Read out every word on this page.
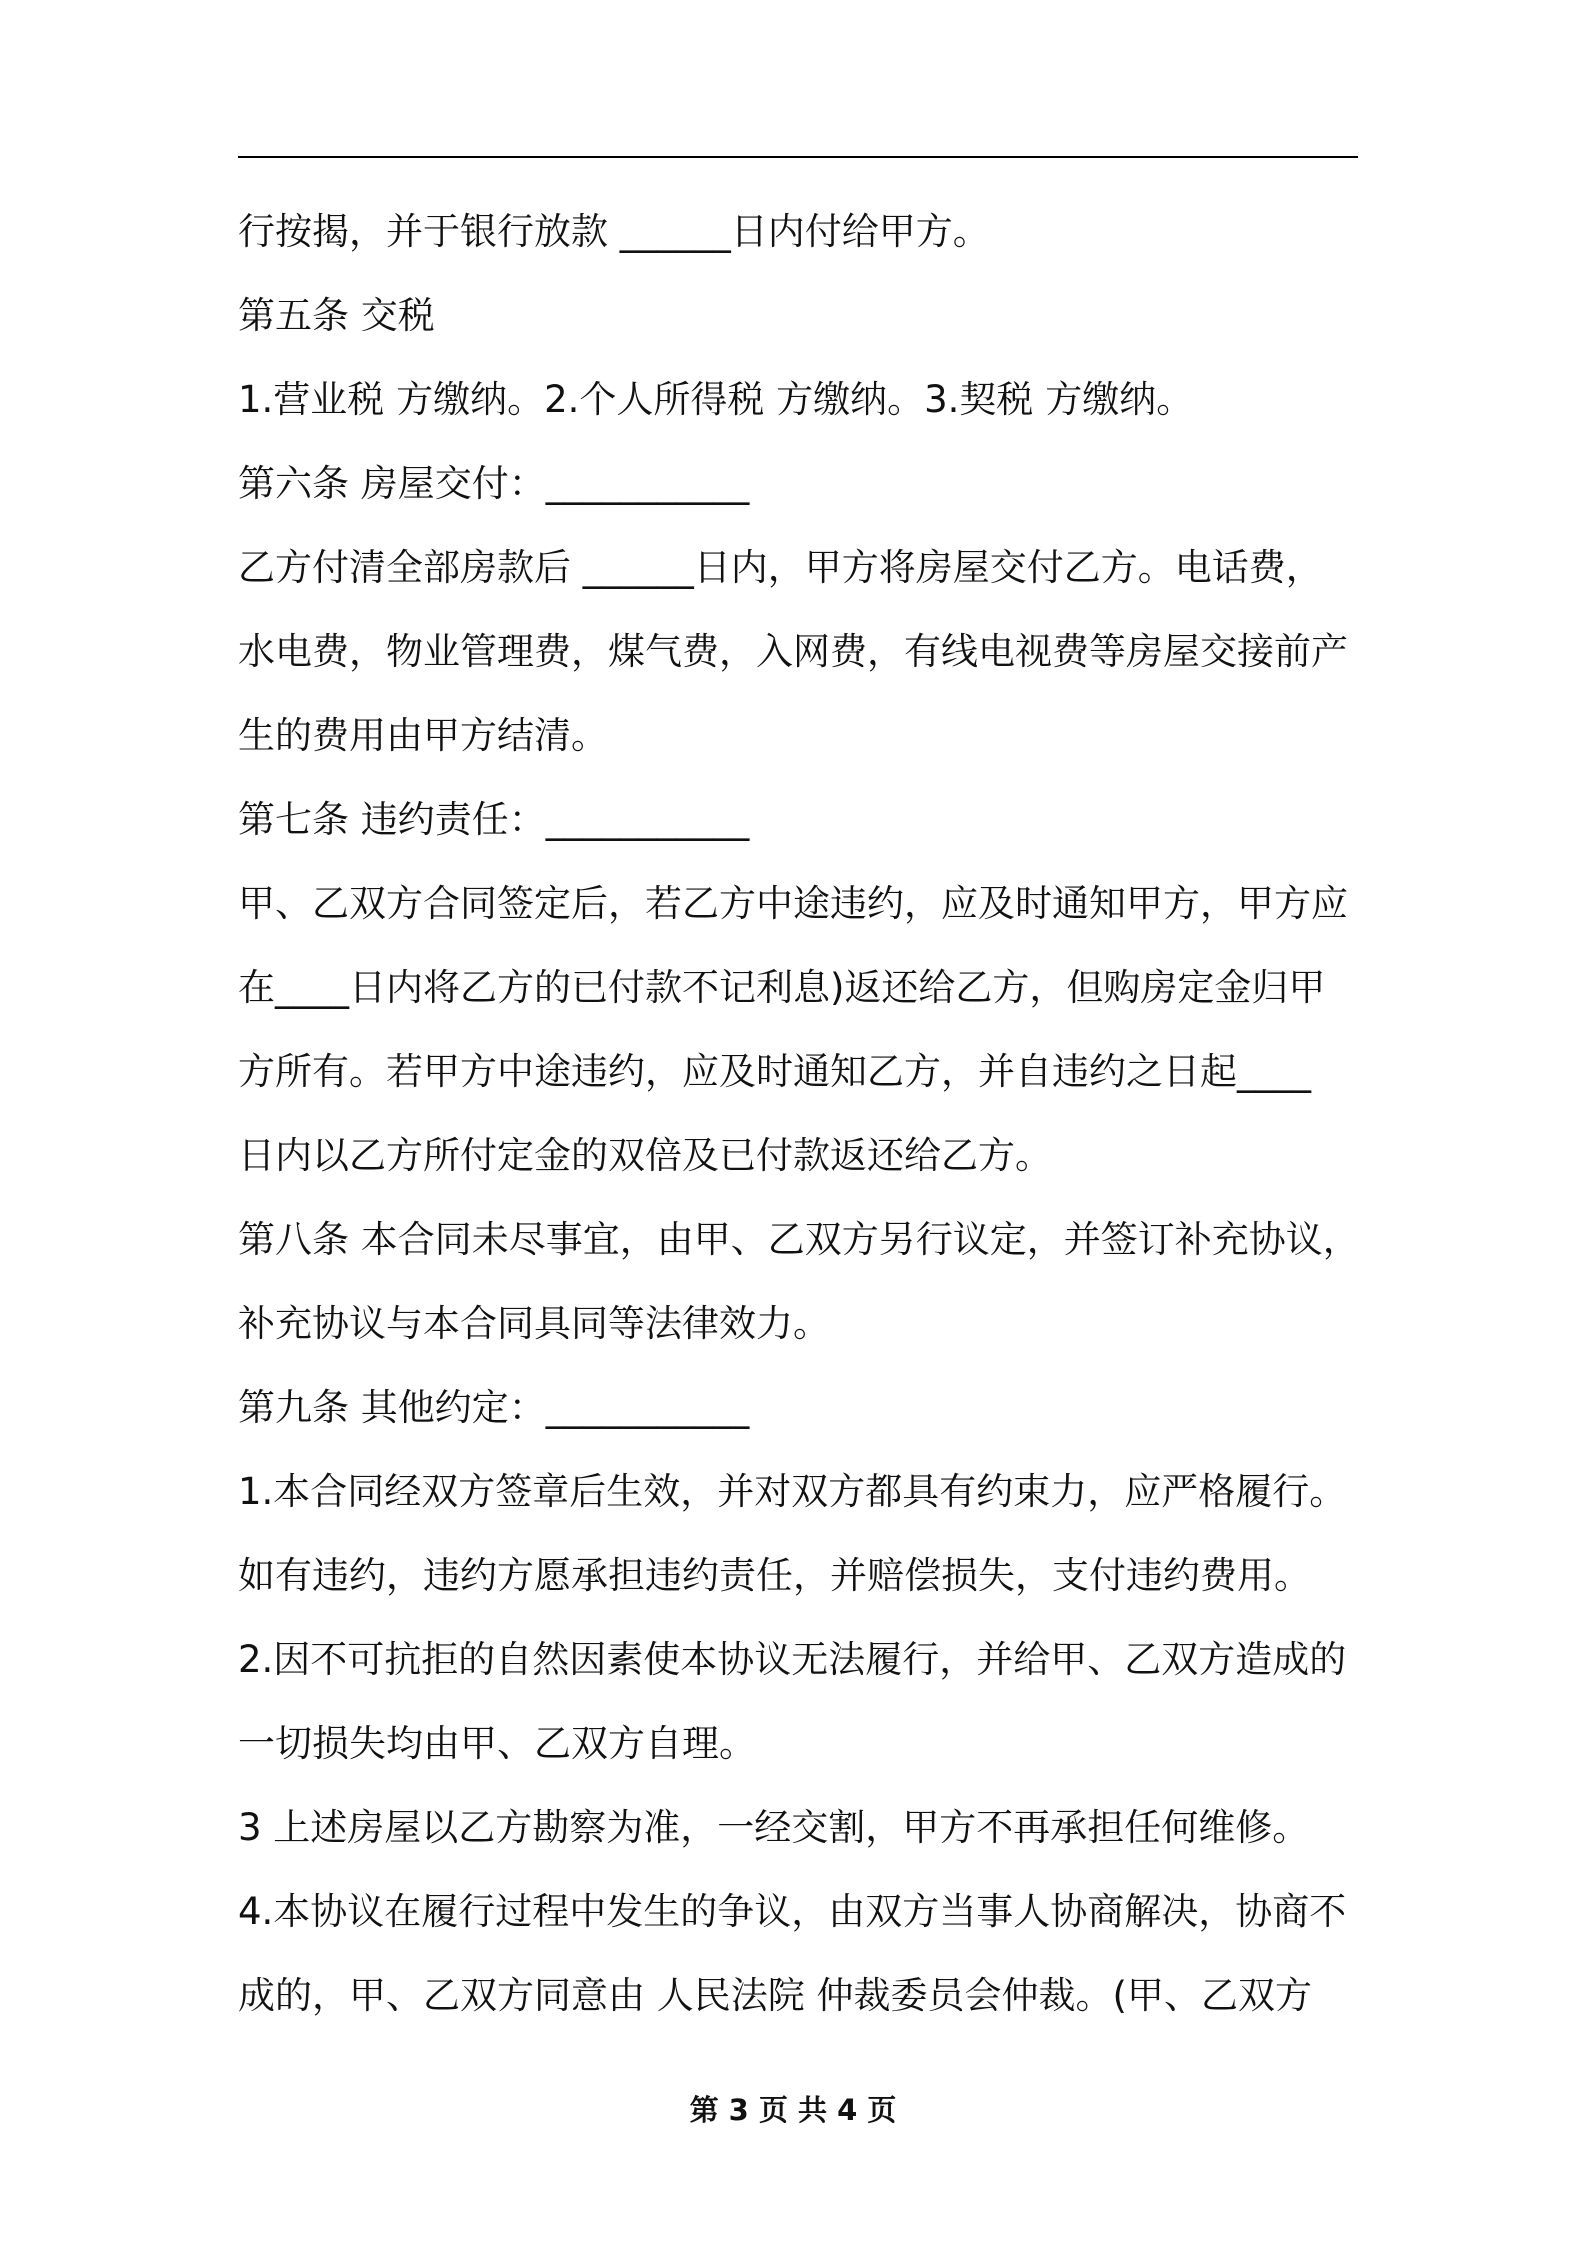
行按揭，并于银行放款 ______日内付给甲方。
第五条 交税
1.营业税 方缴纳。2.个人所得税 方缴纳。3.契税 方缴纳。
第六条 房屋交付：___________
乙方付清全部房款后 ______日内，甲方将房屋交付乙方。电话费，
水电费，物业管理费，煤气费，入网费，有线电视费等房屋交接前产
生的费用由甲方结清。
第七条 违约责任：___________
甲、乙双方合同签定后，若乙方中途违约，应及时通知甲方，甲方应
在____日内将乙方的已付款不记利息)返还给乙方，但购房定金归甲
方所有。若甲方中途违约，应及时通知乙方，并自违约之日起____
日内以乙方所付定金的双倍及已付款返还给乙方。
第八条 本合同未尽事宜，由甲、乙双方另行议定，并签订补充协议，
补充协议与本合同具同等法律效力。
第九条 其他约定：___________
1.本合同经双方签章后生效，并对双方都具有约束力，应严格履行。
如有违约，违约方愿承担违约责任，并赔偿损失，支付违约费用。
2.因不可抗拒的自然因素使本协议无法履行，并给甲、乙双方造成的
一切损失均由甲、乙双方自理。
3 上述房屋以乙方勘察为准，一经交割，甲方不再承担任何维修。
4.本协议在履行过程中发生的争议，由双方当事人协商解决，协商不
成的，甲、乙双方同意由 人民法院 仲裁委员会仲裁。(甲、乙双方
第 3 页 共 4 页
